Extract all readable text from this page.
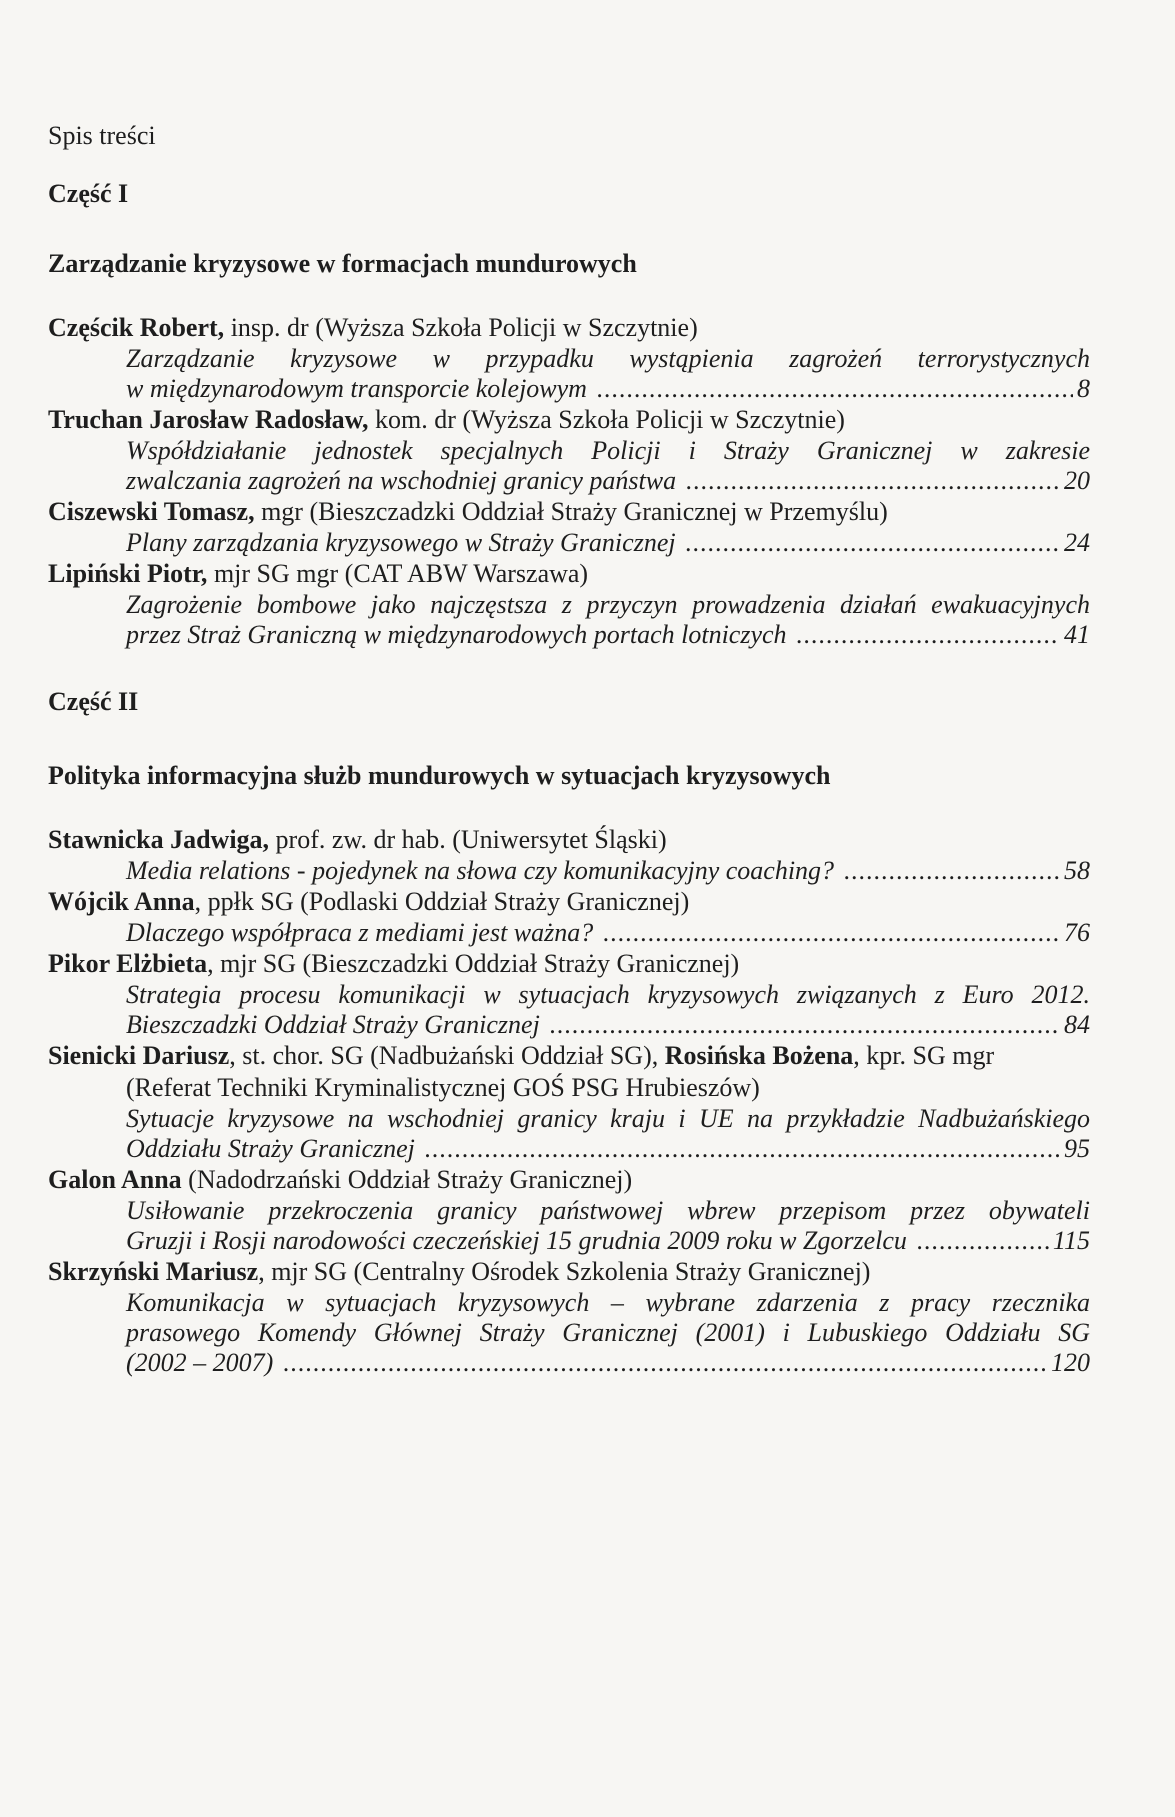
Spis treści
Część I
Zarządzanie kryzysowe w formacjach mundurowych
Częścik Robert, insp. dr (Wyższa Szkoła Policji w Szczytnie)
Zarządzanie kryzysowe w przypadku wystąpienia zagrożeń terrorystycznych
w międzynarodowym transporcie kolejowym .....	8
Truchan Jarosław Radosław, kom. dr (Wyższa Szkoła Policji w Szczytnie)
Współdziałanie jednostek specjalnych Policji i Straży Granicznej w zakresie
zwalczania zagrożeń na wschodniej granicy państwa .....	20
Ciszewski Tomasz, mgr (Bieszczadzki Oddział Straży Granicznej w Przemyślu)
Plany zarządzania kryzysowego w Straży Granicznej .....	24
Lipiński Piotr, mjr SG mgr (CAT ABW Warszawa)
Zagrożenie bombowe jako najczęstsza z przyczyn prowadzenia działań ewakuacyjnych
przez Straż Graniczną w międzynarodowych portach lotniczych .....	41
Część II
Polityka informacyjna służb mundurowych w sytuacjach kryzysowych
Stawnicka Jadwiga, prof. zw. dr hab. (Uniwersytet Śląski)
Media relations - pojedynek na słowa czy komunikacyjny coaching? .....	58
Wójcik Anna, ppłk SG (Podlaski Oddział Straży Granicznej)
Dlaczego współpraca z mediami jest ważna? .....	76
Pikor Elżbieta, mjr SG (Bieszczadzki Oddział Straży Granicznej)
Strategia procesu komunikacji w sytuacjach kryzysowych związanych z Euro 2012.
Bieszczadzki Oddział Straży Granicznej .....	84
Sienicki Dariusz, st. chor. SG (Nadbużański Oddział SG), Rosińska Bożena, kpr. SG mgr
(Referat Techniki Kryminalistycznej GOŚ PSG Hrubieszów)
Sytuacje kryzysowe na wschodniej granicy kraju i UE na przykładzie Nadbużańskiego
Oddziału Straży Granicznej .....	95
Galon Anna (Nadodrzański Oddział Straży Granicznej)
Usiłowanie przekroczenia granicy państwowej wbrew przepisom przez obywateli
Gruzji i Rosji narodowości czeczeńskiej 15 grudnia 2009 roku w Zgorzelcu .....	115
Skrzyński Mariusz, mjr SG (Centralny Ośrodek Szkolenia Straży Granicznej)
Komunikacja w sytuacjach kryzysowych – wybrane zdarzenia z pracy rzecznika
prasowego Komendy Głównej Straży Granicznej (2001) i Lubuskiego Oddziału SG
(2002 – 2007) .....	120
